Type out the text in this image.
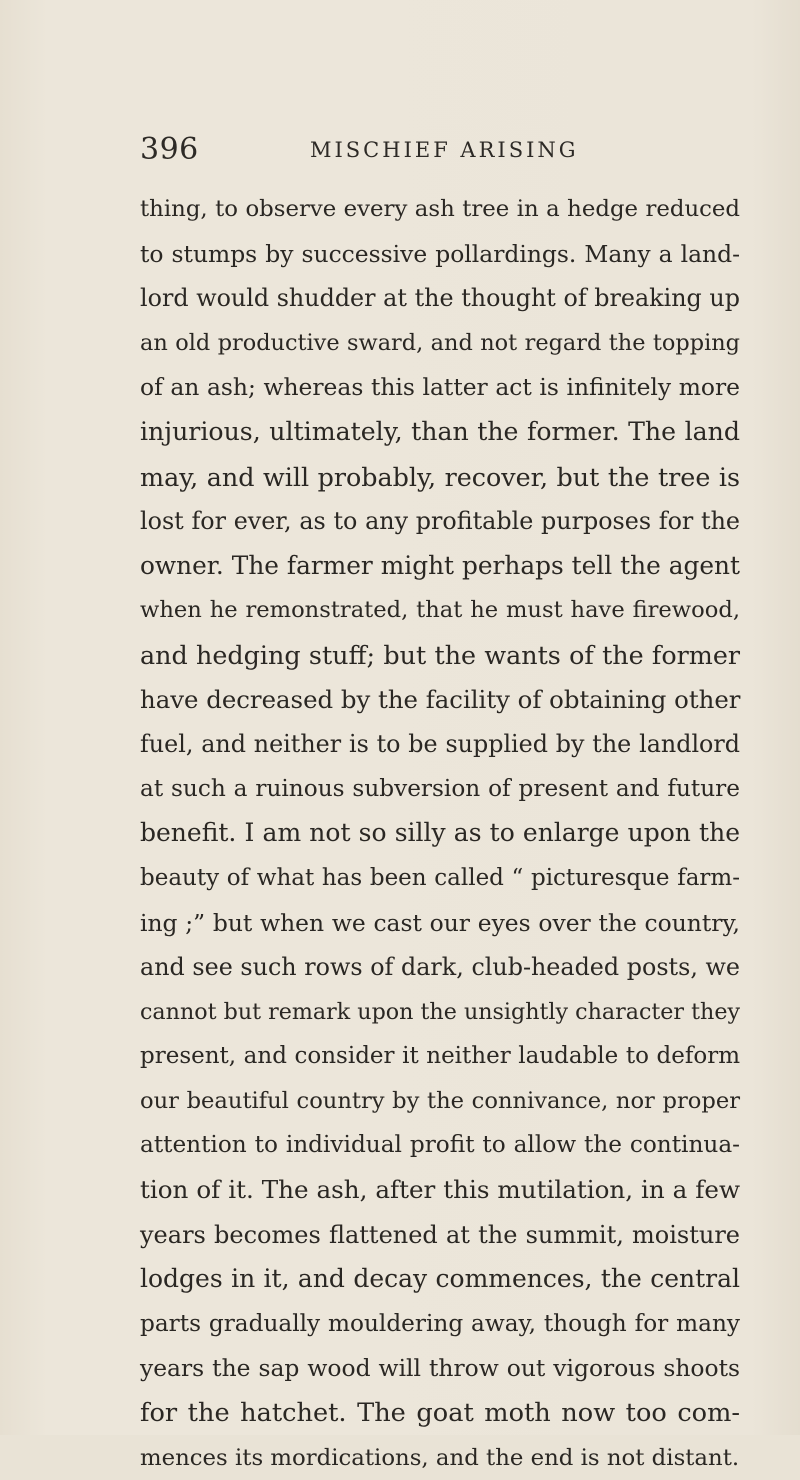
396	MISCHIEF ARISING
thing, to observe every ash tree in a hedge reduced
to stumps by successive pollardings. Many a land-
lord would shudder at the thought of breaking up
an old productive sward, and not regard the topping
of an ash; whereas this latter act is infinitely more
injurious, ultimately, than the former. The land
may, and will probably, recover, but the tree is
lost for ever, as to any profitable purposes for the
owner. The farmer might perhaps tell the agent
when he remonstrated, that he must have firewood,
and hedging stuff; but the wants of the former
have decreased by the facility of obtaining other
fuel, and neither is to be supplied by the landlord
at such a ruinous subversion of present and future
benefit. I am not so silly as to enlarge upon the
beauty of what has been called “ picturesque farm-
ing ;” but when we cast our eyes over the country,
and see such rows of dark, club-headed posts, we
cannot but remark upon the unsightly character they
present, and consider it neither laudable to deform
our beautiful country by the connivance, nor proper
attention to individual profit to allow the continua-
tion of it. The ash, after this mutilation, in a few
years becomes flattened at the summit, moisture
lodges in it, and decay commences, the central
parts gradually mouldering away, though for many
years the sap wood will throw out vigorous shoots
for the hatchet. The goat moth now too com-
mences its mordications, and the end is not distant.
